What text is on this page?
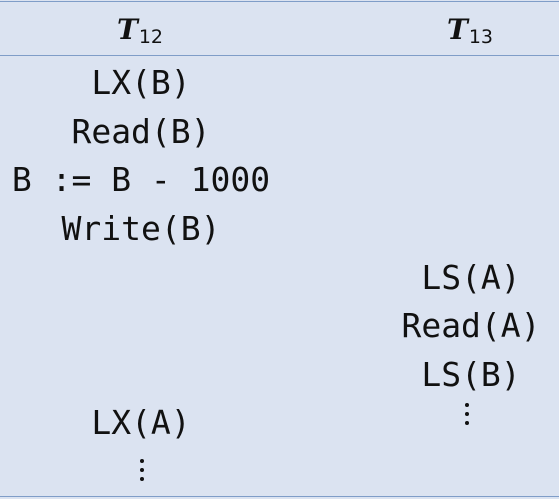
$T_{12}$	$T_{13}$
LX(B)
Read(B)
B := B - 1000
Write(B)
LX(A)
LS(A)
Read(A)
LS(B)
